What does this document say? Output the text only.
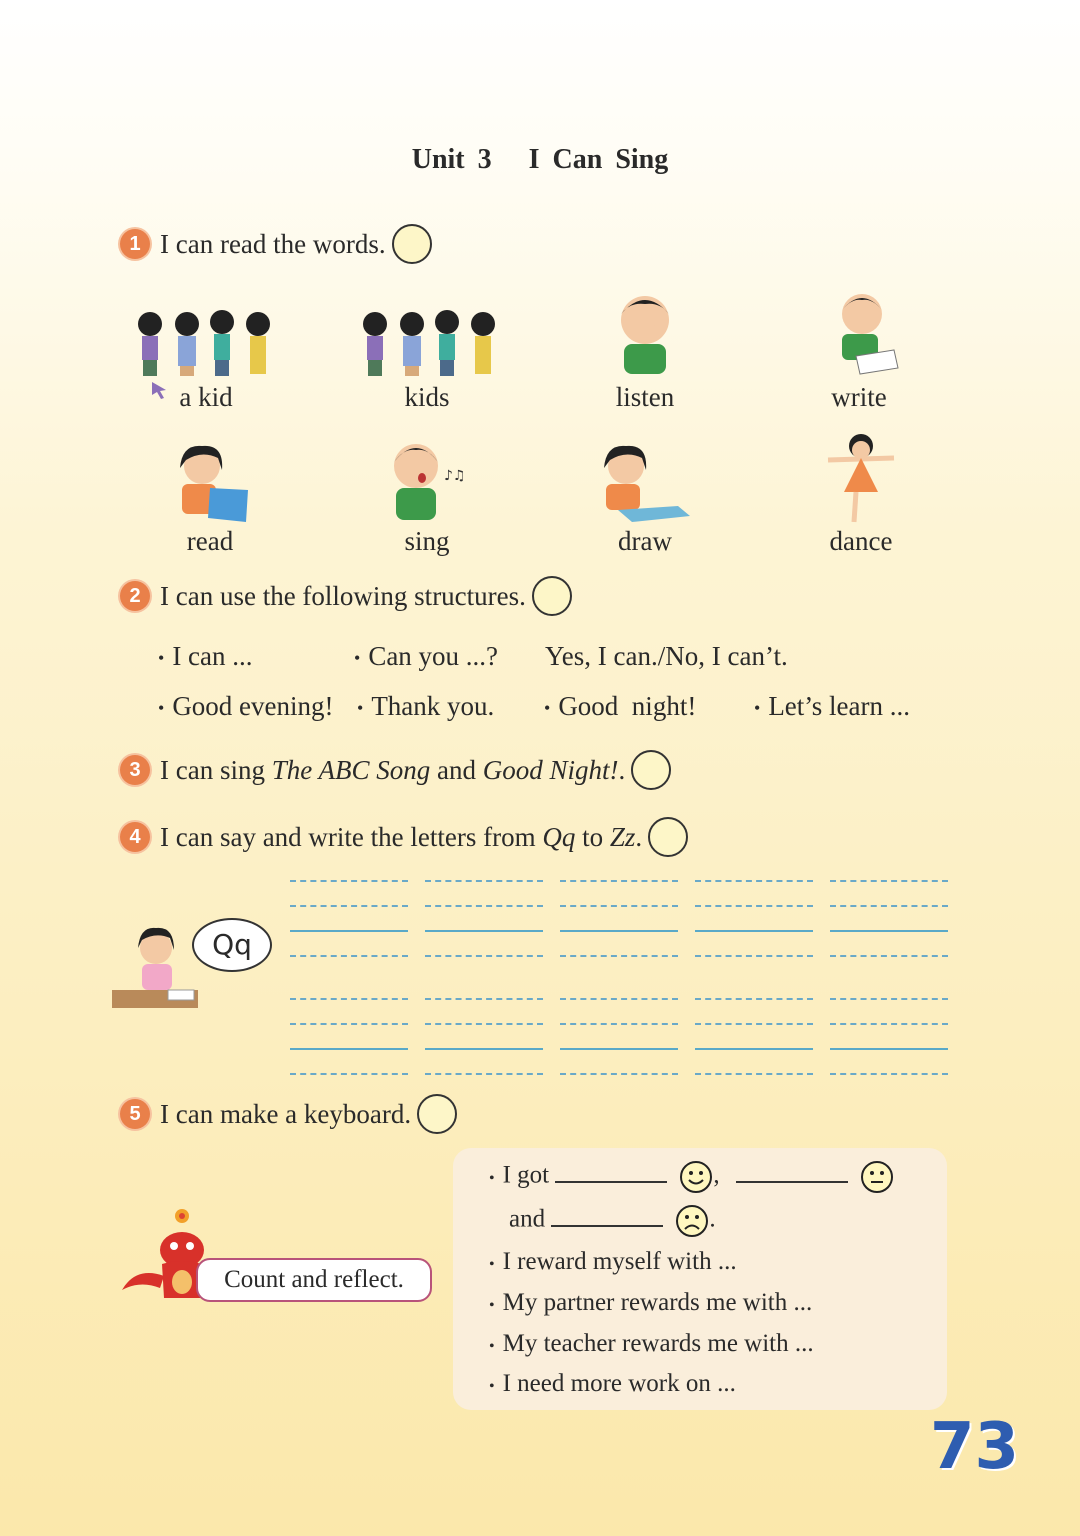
Unit 3 I Can Sing
1 I can read the words.
a kid	kids	listen	write
♪♫
read	sing	draw	dance
2 I can use the following structures.
• I can ...	• Can you ...? Yes, I can./No, I can’t.
• Good evening! • Thank you.	• Good  night!	• Let’s learn ...
3 I can sing The ABC Song and Good Night!.
4 I can say and write the letters from Qq to Zz.
Qq
5 I can make a keyboard.
Count and reflect.
• I got	,
and	.
• I reward myself with ...
• My partner rewards me with ...
• My teacher rewards me with ...
• I need more work on ...
73
